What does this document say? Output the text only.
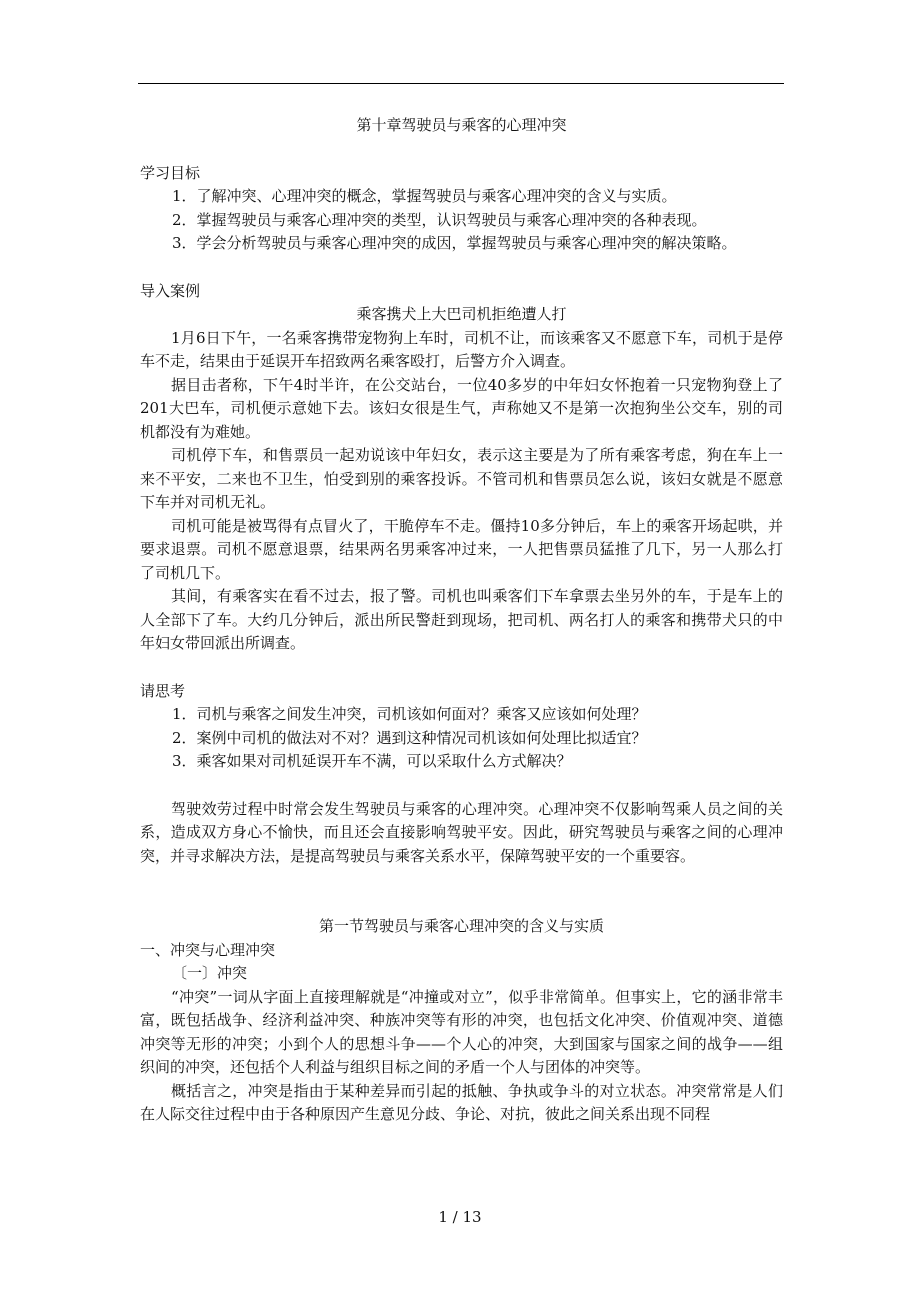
第十章驾驶员与乘客的心理冲突

学习目标

1．了解冲突、心理冲突的概念，掌握驾驶员与乘客心理冲突的含义与实质。

2．掌握驾驶员与乘客心理冲突的类型，认识驾驶员与乘客心理冲突的各种表现。

3．学会分析驾驶员与乘客心理冲突的成因，掌握驾驶员与乘客心理冲突的解决策略。

导入案例

乘客携犬上大巴司机拒绝遭人打

1月6日下午，一名乘客携带宠物狗上车时，司机不让，而该乘客又不愿意下车，司机于是停车不走，结果由于延误开车招致两名乘客殴打，后警方介入调查。

据目击者称，下午4时半许，在公交站台，一位40多岁的中年妇女怀抱着一只宠物狗登上了201大巴车，司机便示意她下去。该妇女很是生气，声称她又不是第一次抱狗坐公交车，别的司机都没有为难她。

司机停下车，和售票员一起劝说该中年妇女，表示这主要是为了所有乘客考虑，狗在车上一来不平安，二来也不卫生，怕受到别的乘客投诉。不管司机和售票员怎么说，该妇女就是不愿意下车并对司机无礼。

司机可能是被骂得有点冒火了，干脆停车不走。僵持10多分钟后，车上的乘客开场起哄，并要求退票。司机不愿意退票，结果两名男乘客冲过来，一人把售票员猛推了几下，另一人那么打了司机几下。

其间，有乘客实在看不过去，报了警。司机也叫乘客们下车拿票去坐另外的车，于是车上的人全部下了车。大约几分钟后，派出所民警赶到现场，把司机、两名打人的乘客和携带犬只的中年妇女带回派出所调查。

请思考

1．司机与乘客之间发生冲突，司机该如何面对？乘客又应该如何处理？

2．案例中司机的做法对不对？遇到这种情况司机该如何处理比拟适宜？

3．乘客如果对司机延误开车不满，可以采取什么方式解决？

驾驶效劳过程中时常会发生驾驶员与乘客的心理冲突。心理冲突不仅影响驾乘人员之间的关系，造成双方身心不愉快，而且还会直接影响驾驶平安。因此，研究驾驶员与乘客之间的心理冲突，并寻求解决方法，是提高驾驶员与乘客关系水平，保障驾驶平安的一个重要容。

第一节驾驶员与乘客心理冲突的含义与实质

一、冲突与心理冲突

〔一〕冲突

“冲突”一词从字面上直接理解就是“冲撞或对立”，似乎非常简单。但事实上，它的涵非常丰富，既包括战争、经济利益冲突、种族冲突等有形的冲突，也包括文化冲突、价值观冲突、道德冲突等无形的冲突；小到个人的思想斗争——个人心的冲突，大到国家与国家之间的战争——组织间的冲突，还包括个人利益与组织目标之间的矛盾一个人与团体的冲突等。

概括言之，冲突是指由于某种差异而引起的抵触、争执或争斗的对立状态。冲突常常是人们在人际交往过程中由于各种原因产生意见分歧、争论、对抗，彼此之间关系出现不同程

1 / 13
